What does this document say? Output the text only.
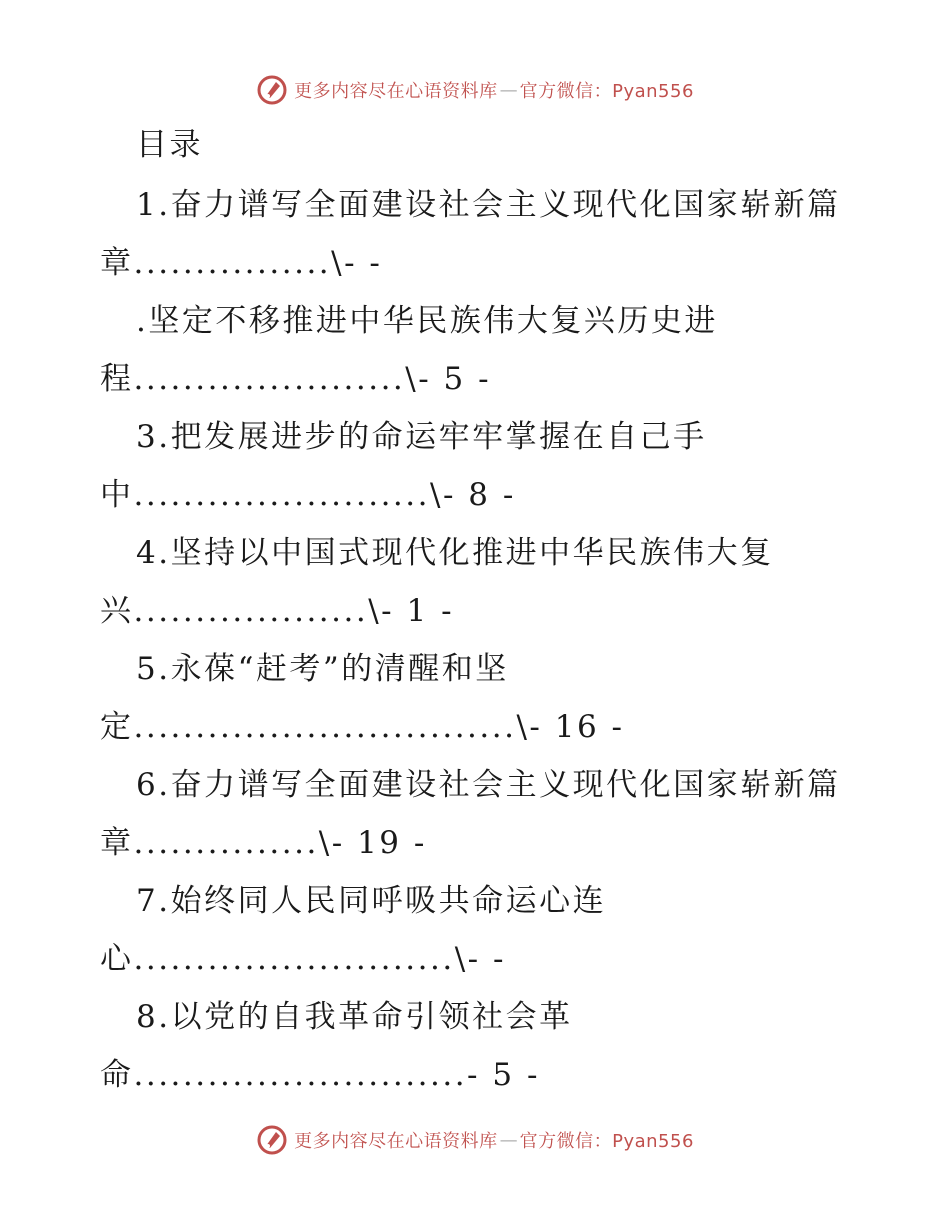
更多内容尽在心语资料库 — 官方微信：Pyan556
目录
1.奋力谱写全面建设社会主义现代化国家崭新篇
章................\- -
.坚定不移推进中华民族伟大复兴历史进
程......................\- 5 -
3.把发展进步的命运牢牢掌握在自己手
中........................\- 8 -
4.坚持以中国式现代化推进中华民族伟大复
兴...................\- 1 -
5.永葆“赶考”的清醒和坚
定...............................\- 16 -
6.奋力谱写全面建设社会主义现代化国家崭新篇
章...............\- 19 -
7.始终同人民同呼吸共命运心连
心..........................\- -
8.以党的自我革命引领社会革
命...........................- 5 -
更多内容尽在心语资料库 — 官方微信：Pyan556
